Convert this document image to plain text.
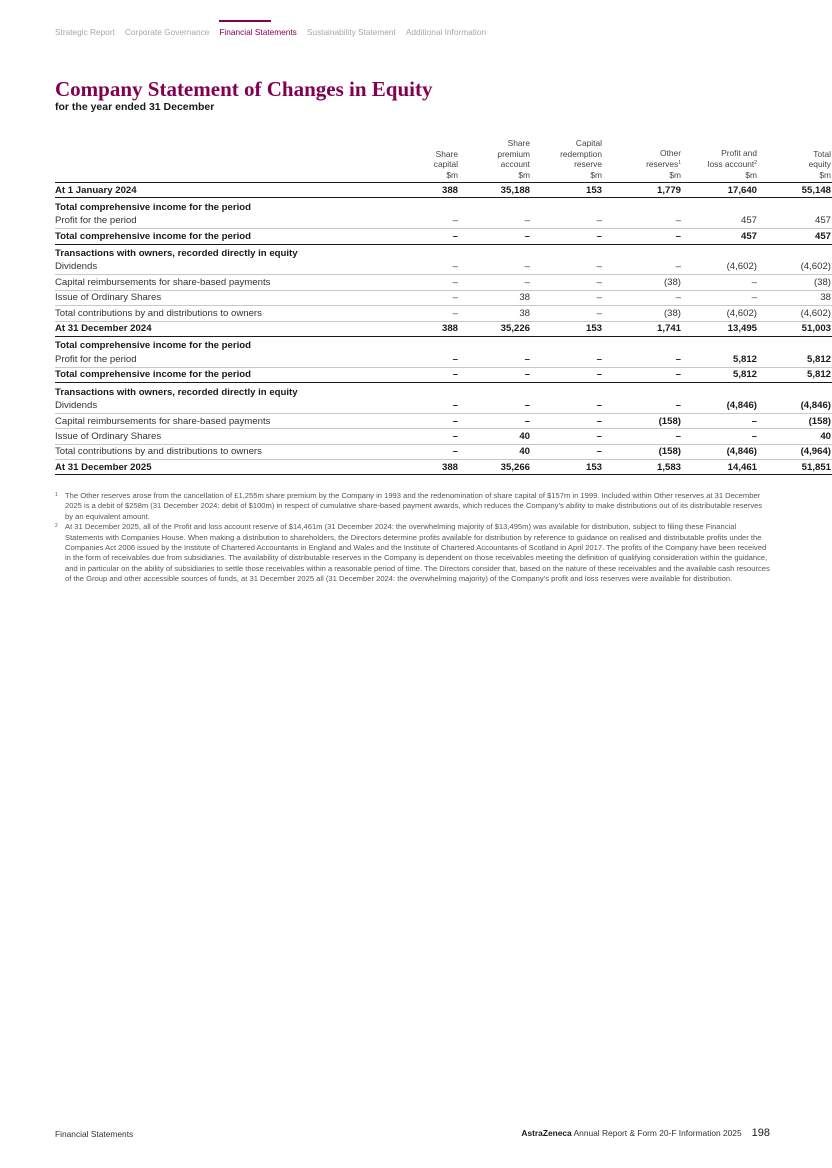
Strategic Report Corporate Governance Financial Statements Sustainability Statement Additional Information
Company Statement of Changes in Equity
for the year ended 31 December
	Share
capital
$m	Share
premium
account
$m	Capital
redemption
reserve
$m	Other
reserves$^1$
$m	Profit and
loss account$^2$
$m	Total
equity
$m
At 1 January 2024	388	35,188	153	1,779	17,640	55,148
Total comprehensive income for the period						
Profit for the period	–	–	–	–	457	457
Total comprehensive income for the period	–	–	–	–	457	457
Transactions with owners, recorded directly in equity						
Dividends	–	–	–	–	(4,602)	(4,602)
Capital reimbursements for share-based payments	–	–	–	(38)	–	(38)
Issue of Ordinary Shares	–	38	–	–	–	38
Total contributions by and distributions to owners	–	38	–	(38)	(4,602)	(4,602)
At 31 December 2024	388	35,226	153	1,741	13,495	51,003
Total comprehensive income for the period						
Profit for the period	–	–	–	–	5,812	5,812
Total comprehensive income for the period	–	–	–	–	5,812	5,812
Transactions with owners, recorded directly in equity						
Dividends	–	–	–	–	(4,846)	(4,846)
Capital reimbursements for share-based payments	–	–	–	(158)	–	(158)
Issue of Ordinary Shares	–	40	–	–	–	40
Total contributions by and distributions to owners	–	40	–	(158)	(4,846)	(4,964)
At 31 December 2025	388	35,266	153	1,583	14,461	51,851
1 The Other reserves arose from the cancellation of £1,255m share premium by the Company in 1993 and the redenomination of share capital of $157m in 1999. Included within Other reserves at 31 December 2025 is a debit of $258m (31 December 2024: debit of $100m) in respect of cumulative share-based payment awards, which reduces the Company’s ability to make distributions out of its distributable reserves by an equivalent amount.
2 At 31 December 2025, all of the Profit and loss account reserve of $14,461m (31 December 2024: the overwhelming majority of $13,495m) was available for distribution, subject to filing these Financial Statements with Companies House. When making a distribution to shareholders, the Directors determine profits available for distribution by reference to guidance on realised and distributable profits under the Companies Act 2006 issued by the Institute of Chartered Accountants in England and Wales and the Institute of Chartered Accountants of Scotland in April 2017. The profits of the Company have been received in the form of receivables due from subsidiaries. The availability of distributable reserves in the Company is dependent on those receivables meeting the definition of qualifying consideration within the guidance, and in particular on the ability of subsidiaries to settle those receivables within a reasonable period of time. The Directors consider that, based on the nature of these receivables and the available cash resources of the Group and other accessible sources of funds, at 31 December 2025 all (31 December 2024: the overwhelming majority) of the Company’s profit and loss reserves were available for distribution.
Financial Statements	AstraZeneca Annual Report & Form 20-F Information 2025 198
